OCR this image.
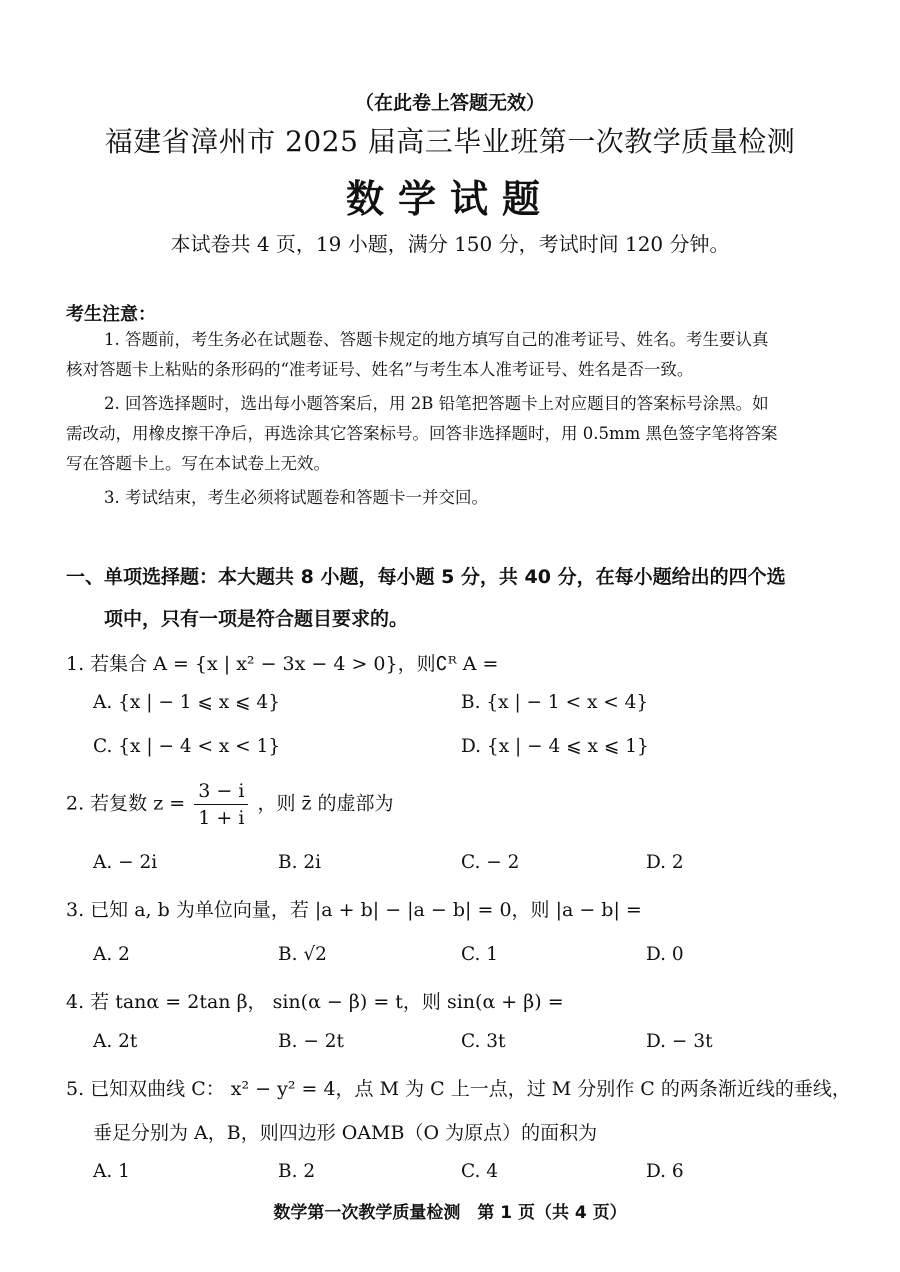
（在此卷上答题无效）
福建省漳州市 2025 届高三毕业班第一次教学质量检测
数学试题
本试卷共 4 页，19 小题，满分 150 分，考试时间 120 分钟。
考生注意：
1. 答题前，考生务必在试题卷、答题卡规定的地方填写自己的准考证号、姓名。考生要认真
核对答题卡上粘贴的条形码的“准考证号、姓名”与考生本人准考证号、姓名是否一致。
2. 回答选择题时，选出每小题答案后，用 2B 铅笔把答题卡上对应题目的答案标号涂黑。如
需改动，用橡皮擦干净后，再选涂其它答案标号。回答非选择题时，用 0.5mm 黑色签字笔将答案
写在答题卡上。写在本试卷上无效。
3. 考试结束，考生必须将试题卷和答题卡一并交回。
一、单项选择题：本大题共 8 小题，每小题 5 分，共 40 分，在每小题给出的四个选
项中，只有一项是符合题目要求的。
1. 若集合 A = {x | x² − 3x − 4 > 0}，则∁ᴿ A =
A. {x | − 1 ⩽ x ⩽ 4}	B. {x | − 1 < x < 4}
C. {x | − 4 < x < 1}	D. {x | − 4 ⩽ x ⩽ 1}
2. 若复数 $z = \frac{3 - i}{1 + i}$ ，则 z̄ 的虚部为
A. − 2i	B. 2i	C. − 2	D. 2
3. 已知 a, b 为单位向量，若 |a + b| − |a − b| = 0，则 |a − b| =
A. 2	B. √2	C. 1	D. 0
4. 若 tanα = 2tan β， sin(α − β) = t，则 sin(α + β) =
A. 2t	B. − 2t	C. 3t	D. − 3t
5. 已知双曲线 C： x² − y² = 4，点 M 为 C 上一点，过 M 分别作 C 的两条渐近线的垂线，
垂足分别为 A，B，则四边形 OAMB（O 为原点）的面积为
A. 1	B. 2	C. 4	D. 6
数学第一次教学质量检测　第 1 页（共 4 页）
